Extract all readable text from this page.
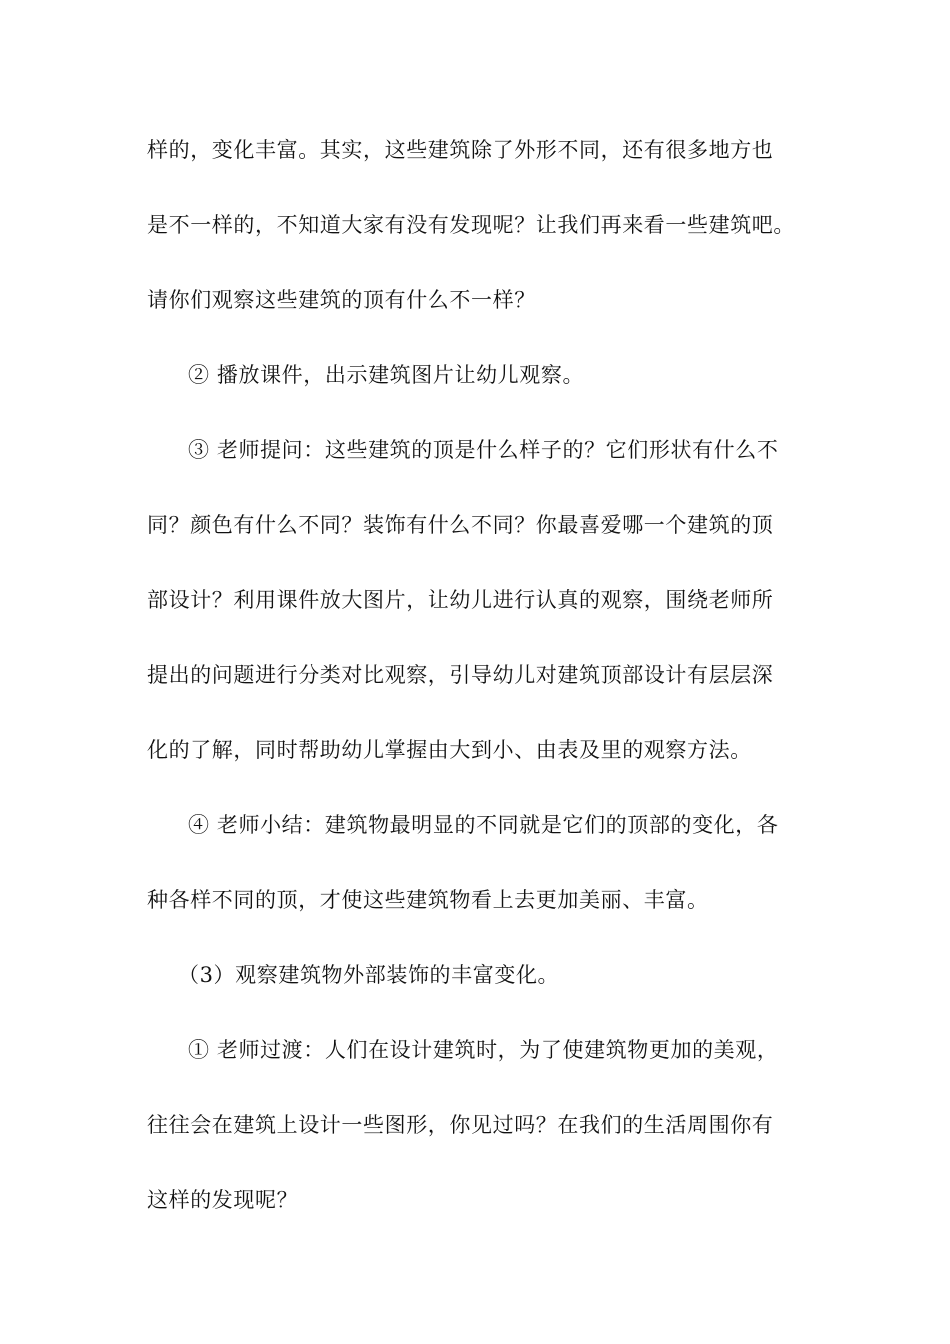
样的，变化丰富。其实，这些建筑除了外形不同，还有很多地方也
是不一样的，不知道大家有没有发现呢？让我们再来看一些建筑吧。
请你们观察这些建筑的顶有什么不一样？
② 播放课件，出示建筑图片让幼儿观察。
③ 老师提问：这些建筑的顶是什么样子的？它们形状有什么不
同？颜色有什么不同？装饰有什么不同？你最喜爱哪一个建筑的顶
部设计？利用课件放大图片，让幼儿进行认真的观察，围绕老师所
提出的问题进行分类对比观察，引导幼儿对建筑顶部设计有层层深
化的了解，同时帮助幼儿掌握由大到小、由表及里的观察方法。
④ 老师小结：建筑物最明显的不同就是它们的顶部的变化，各
种各样不同的顶，才使这些建筑物看上去更加美丽、丰富。
（3）观察建筑物外部装饰的丰富变化。
① 老师过渡：人们在设计建筑时，为了使建筑物更加的美观，
往往会在建筑上设计一些图形，你见过吗？在我们的生活周围你有
这样的发现呢？
